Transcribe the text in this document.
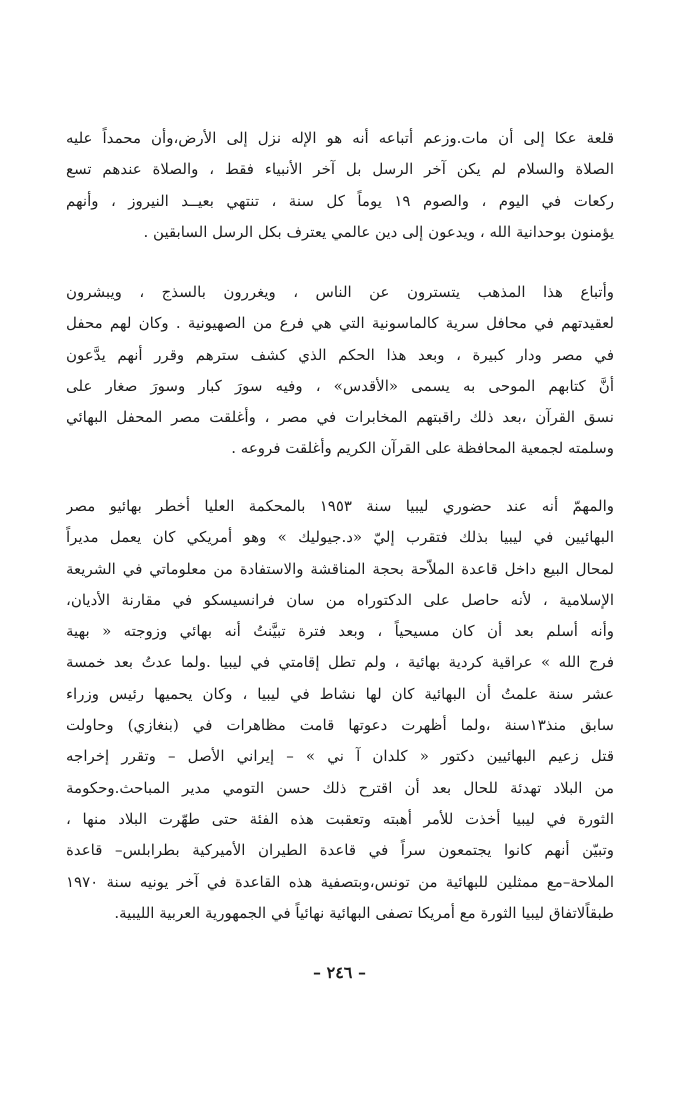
قلعة عكا إلى أن مات.وزعم أتباعه أنه هو الإله نزل إلى الأرض،وأن محمداً عليه
الصلاة والسلام لم يكن آخر الرسل بل آخر الأنبياء فقط ، والصلاة عندهم تسع
ركعات في اليوم ، والصوم ١٩ يوماً كل سنة ، تنتهي بعيــد النيروز ، وأنهم
يؤمنون بوحدانية الله ، ويدعون إلى دين عالمي يعترف بكل الرسل السابقين .
وأتباع هذا المذهب يتسترون عن الناس ، ويغررون بالسذج ، ويبشرون
لعقيدتهم في محافل سرية كالماسونية التي هي فرع من الصهيونية . وكان لهم محفل
في مصر ودار كبيرة ، وبعد هذا الحكم الذي كشف سترهم وقرر أنهم يدَّعون
أنَّ كتابهم الموحى به يسمى «الأقدس» ، وفيه سورَ كبار وسورَ صغار على
نسق القرآن ،بعد ذلك راقبتهم المخابرات في مصر ، وأغلقت مصر المحفل البهائي
وسلمته لجمعية المحافظة على القرآن الكريم وأغلقت فروعه .
والمهمّ أنه عند حضوري ليبيا سنة ١٩٥٣ بالمحكمة العليا أخطر بهائيو مصر
البهائيين في ليبيا بذلك فتقرب إليّ «د.جيوليك » وهو أمريكي كان يعمل مديراً
لمحال البيع داخل قاعدة الملاّحة بحجة المناقشة والاستفادة من معلوماتي في الشريعة
الإسلامية ، لأنه حاصل على الدكتوراه من سان فرانسيسكو في مقارنة الأديان،
وأنه أسلم بعد أن كان مسيحياً ، وبعد فترة تبيَّنتُ أنه بهائي وزوجته « بهية
فرج الله » عراقية كردية بهائية ، ولم تطل إقامتي في ليبيا .ولما عدتُ بعد خمسة
عشر سنة علمتُ أن البهائية كان لها نشاط في ليبيا ، وكان يحميها رئيس وزراء
سابق منذ١٣سنة ،ولما أظهرت دعوتها قامت مظاهرات في (بنغازي) وحاولت
قتل زعيم البهائيين دكتور « كلدان آ ني » – إيراني الأصل – وتقرر إخراجه
من البلاد تهدئة للحال بعد أن اقترح ذلك حسن التومي مدير المباحث.وحكومة
الثورة في ليبيا أخذت للأمر أهبته وتعقبت هذه الفئة حتى طهّرت البلاد منها ،
وتبيّن أنهم كانوا يجتمعون سراً في قاعدة الطيران الأميركية بطرابلس– قاعدة
الملاحة–مع ممثلين للبهائية من تونس،وبتصفية هذه القاعدة في آخر يونيه سنة ١٩٧٠
طبقاًلاتفاق ليبيا الثورة مع أمريكا تصفى البهائية نهائياً في الجمهورية العربية الليبية.
– ٢٤٦ –
